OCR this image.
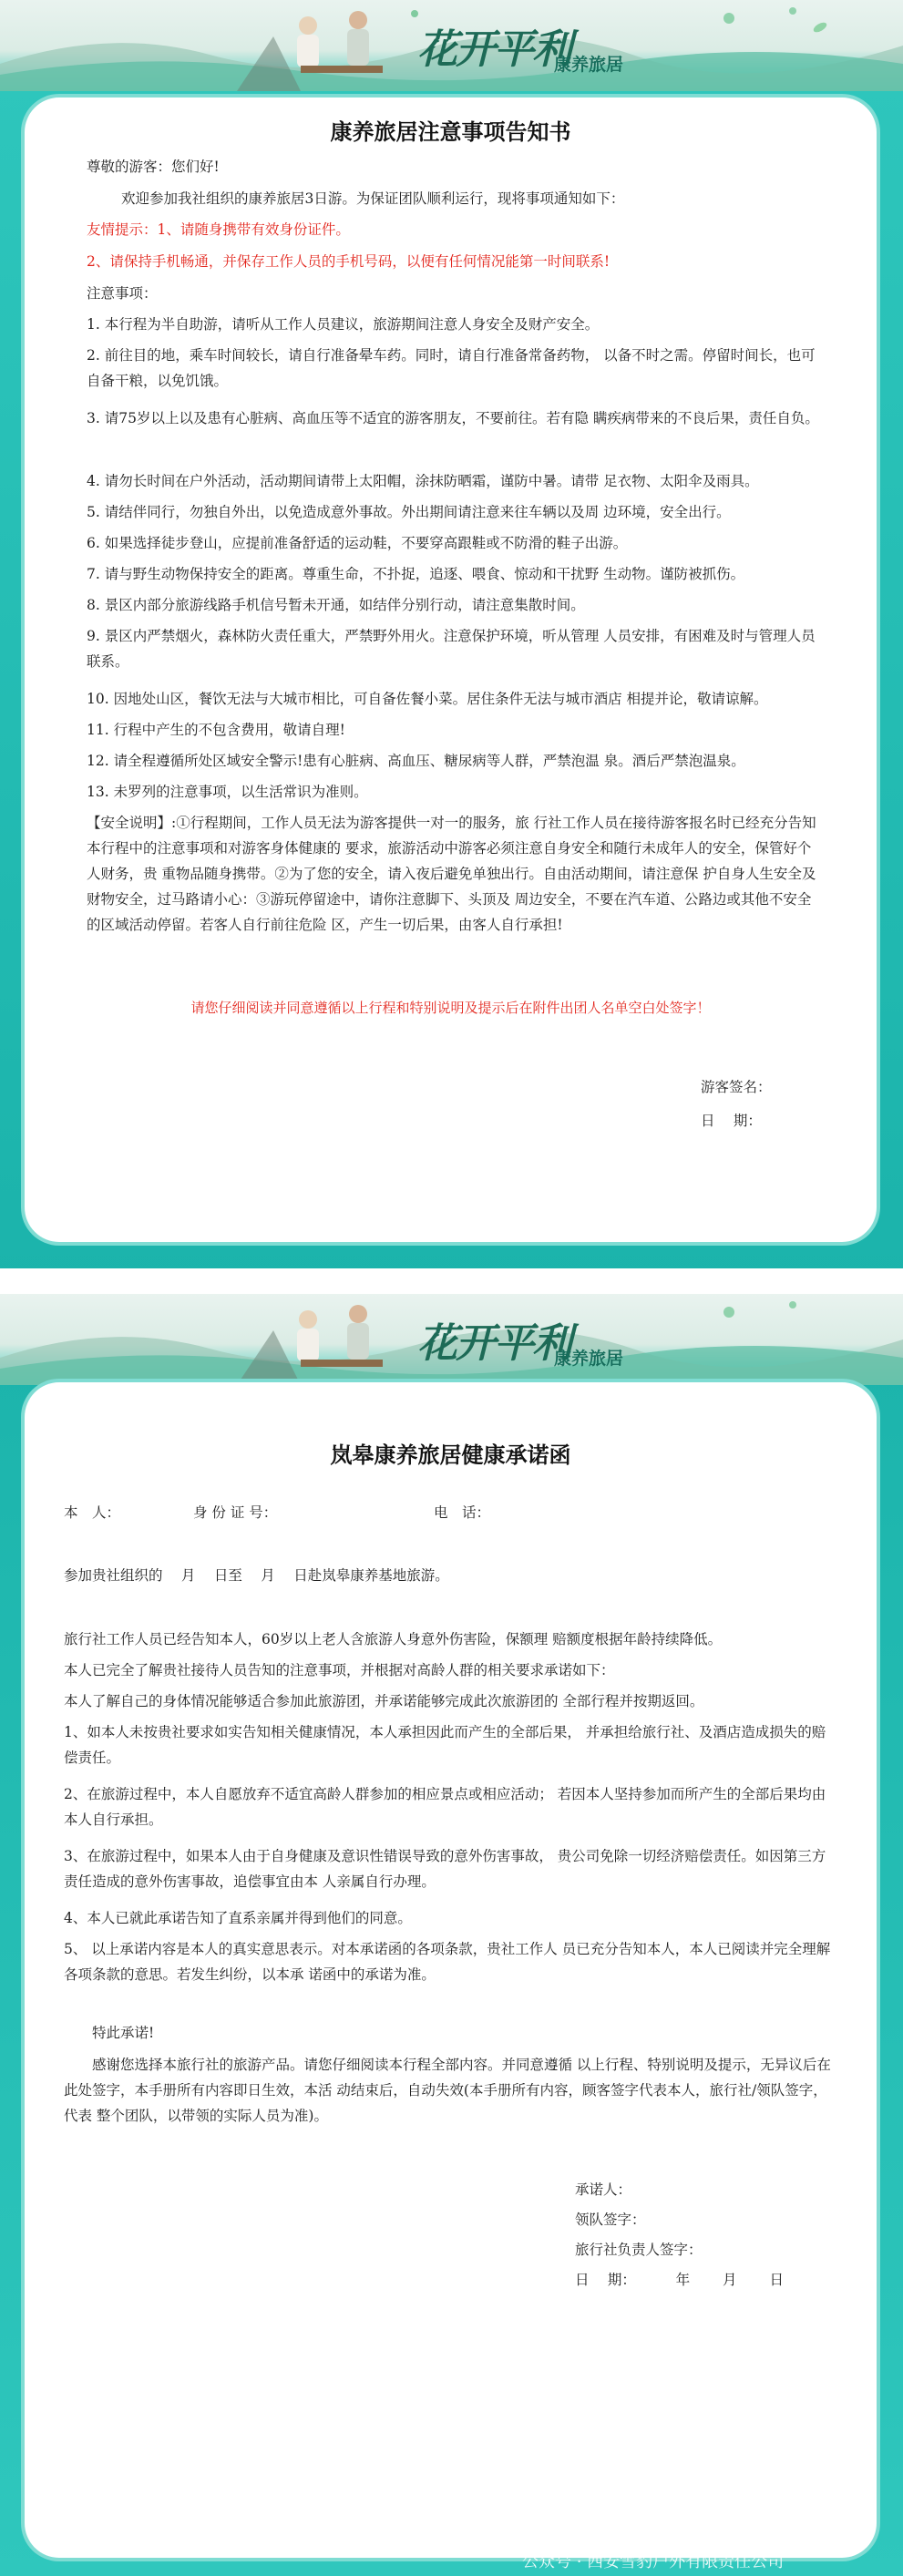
花开平利
康养旅居
康养旅居注意事项告知书

尊敬的游客：您们好!

欢迎参加我社组织的康养旅居3日游。为保证团队顺利运行，现将事项通知如下：

友情提示：1、请随身携带有效身份证件。

2、请保持手机畅通，并保存工作人员的手机号码，以便有任何情况能第一时间联系!

注意事项：

1. 本行程为半自助游，请听从工作人员建议，旅游期间注意人身安全及财产安全。

2. 前往目的地，乘车时间较长，请自行准备晕车药。同时，请自行准备常备药物， 以备不时之需。停留时间长，也可自备干粮，以免饥饿。

3. 请75岁以上以及患有心脏病、高血压等不适宜的游客朋友，不要前往。若有隐 瞒疾病带来的不良后果，责任自负。

4. 请勿长时间在户外活动，活动期间请带上太阳帽，涂抹防晒霜，谨防中暑。请带 足衣物、太阳伞及雨具。

5. 请结伴同行，勿独自外出，以免造成意外事故。外出期间请注意来往车辆以及周 边环境，安全出行。

6. 如果选择徒步登山，应提前准备舒适的运动鞋，不要穿高跟鞋或不防滑的鞋子出游。

7. 请与野生动物保持安全的距离。尊重生命，不扑捉，追逐、喂食、惊动和干扰野 生动物。谨防被抓伤。

8. 景区内部分旅游线路手机信号暂未开通，如结伴分别行动，请注意集散时间。

9. 景区内严禁烟火，森林防火责任重大，严禁野外用火。注意保护环境，听从管理 人员安排，有困难及时与管理人员联系。

10. 因地处山区，餐饮无法与大城市相比，可自备佐餐小菜。居住条件无法与城市酒店 相提并论，敬请谅解。

11. 行程中产生的不包含费用，敬请自理!

12. 请全程遵循所处区域安全警示!患有心脏病、高血压、糖尿病等人群，严禁泡温 泉。酒后严禁泡温泉。

13. 未罗列的注意事项，以生活常识为准则。

【安全说明】:①行程期间，工作人员无法为游客提供一对一的服务，旅 行社工作人员在接待游客报名时已经充分告知本行程中的注意事项和对游客身体健康的 要求，旅游活动中游客必须注意自身安全和随行未成年人的安全，保管好个人财务，贵 重物品随身携带。②为了您的安全，请入夜后避免单独出行。自由活动期间，请注意保 护自身人生安全及财物安全，过马路请小心：③游玩停留途中，请你注意脚下、头顶及 周边安全，不要在汽车道、公路边或其他不安全的区域活动停留。若客人自行前往危险 区，产生一切后果，由客人自行承担!

请您仔细阅读并同意遵循以上行程和特别说明及提示后在附件出团人名单空白处签字！

游客签名：
日　 期：
花开平利
康养旅居
岚皋康养旅居健康承诺函
本　人：	身 份 证 号：	电　话：

参加贵社组织的　 月　 日至　 月　 日赴岚皋康养基地旅游。

旅行社工作人员已经告知本人，60岁以上老人含旅游人身意外伤害险，保额理 赔额度根据年龄持续降低。

本人已完全了解贵社接待人员告知的注意事项，并根据对高龄人群的相关要求承诺如下：

本人了解自己的身体情况能够适合参加此旅游团，并承诺能够完成此次旅游团的 全部行程并按期返回。

1、如本人未按贵社要求如实告知相关健康情况，本人承担因此而产生的全部后果， 并承担给旅行社、及酒店造成损失的赔偿责任。

2、在旅游过程中，本人自愿放弃不适宜高龄人群参加的相应景点或相应活动； 若因本人坚持参加而所产生的全部后果均由本人自行承担。

3、在旅游过程中，如果本人由于自身健康及意识性错误导致的意外伤害事故， 贵公司免除一切经济赔偿责任。如因第三方责任造成的意外伤害事故，追偿事宜由本 人亲属自行办理。

4、本人已就此承诺告知了直系亲属并得到他们的同意。

5、 以上承诺内容是本人的真实意思表示。对本承诺函的各项条款，贵社工作人 员已充分告知本人，本人已阅读并完全理解各项条款的意思。若发生纠纷，以本承 诺函中的承诺为准。

特此承诺!

感谢您选择本旅行社的旅游产品。请您仔细阅读本行程全部内容。并同意遵循 以上行程、特别说明及提示，无异议后在此处签字，本手册所有内容即日生效，本活 动结束后，自动失效(本手册所有内容，顾客签字代表本人，旅行社/领队签字，代表 整个团队，以带领的实际人员为准)。

承诺人：
领队签字：
旅行社负责人签字：
日　 期：　　　 年　　 月　　 日
公众号 · 西安雪豹户外有限责任公司
